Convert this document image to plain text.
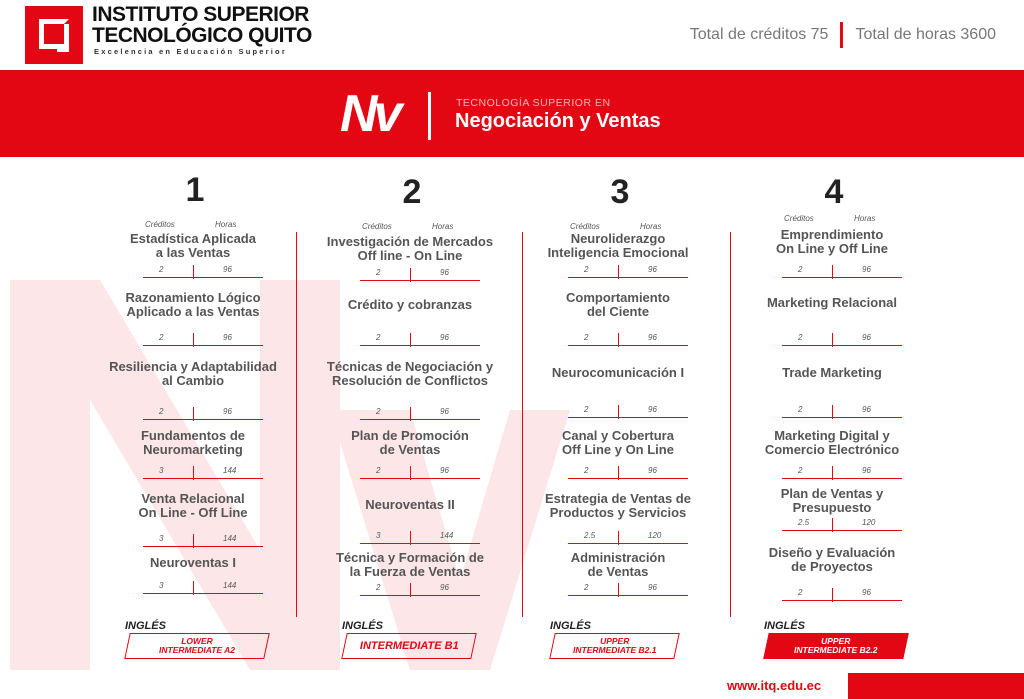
INSTITUTO SUPERIOR
TECNOLÓGICO QUITO
Excelencia en Educación Superior
Total de créditos 75 Total de horas 3600
Nv	TECNOLOGÍA SUPERIOR EN
Negociación y Ventas
1
Créditos	Horas
Estadística Aplicada
a las Ventas
2	96
Razonamiento Lógico
Aplicado a las Ventas
2	96
Resiliencia y Adaptabilidad
al Cambio
2	96
Fundamentos de
Neuromarketing
3	144
Venta Relacional
On Line - Off Line
3	144
Neuroventas I
3	144
INGLÉS
LOWER
INTERMEDIATE A2
2
Créditos	Horas
Investigación de Mercados
Off line - On Line
2	96
Crédito y cobranzas
2	96
Técnicas de Negociación y
Resolución de Conflictos
2	96
Plan de Promoción
de Ventas
2	96
Neuroventas II
3	144
Técnica y Formación de
la Fuerza de Ventas
2	96
INGLÉS
INTERMEDIATE B1
3
Créditos	Horas
Neuroliderazgo
Inteligencia Emocional
2	96
Comportamiento
del Ciente
2	96
Neurocomunicación I
2	96
Canal y Cobertura
Off Line y On Line
2	96
Estrategia de Ventas de
Productos y Servicios
2.5	120
Administración
de Ventas
2	96
INGLÉS
UPPER
INTERMEDIATE B2.1
4
Créditos	Horas
Emprendimiento
On Line y Off Line
2	96
Marketing Relacional
2	96
Trade Marketing
2	96
Marketing Digital y
Comercio Electrónico
2	96
Plan de Ventas y
Presupuesto
2.5	120
Diseño y Evaluación
de Proyectos
2	96
INGLÉS
UPPER
INTERMEDIATE B2.2
www.itq.edu.ec
